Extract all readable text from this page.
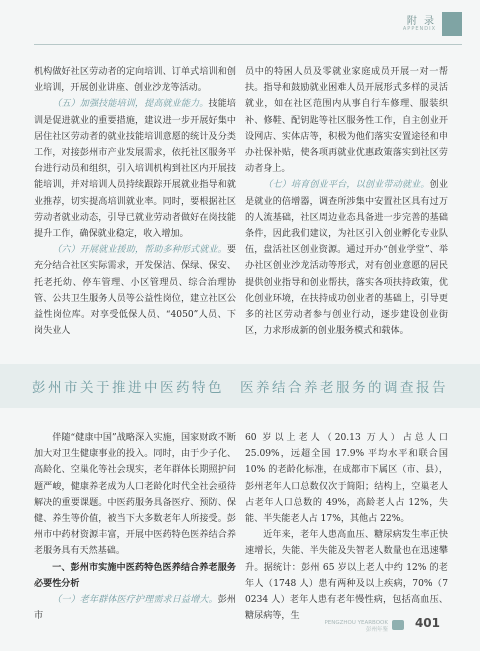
附 录
APPENDIX

机构做好社区劳动者的定向培训、订单式培训和创业培训，开展创业讲座、创业沙龙等活动。

（五）加强技能培训，提高就业能力。技能培训是促进就业的重要措施，建议进一步开展好集中居住社区劳动者的就业技能培训意愿的统计及分类工作，对接彭州市产业发展需求，依托社区服务平台进行动员和组织，引入培训机构到社区内开展技能培训，并对培训人员持续跟踪开展就业指导和就业推荐，切实提高培训就业率。同时，要根据社区劳动者就业动态，引导已就业劳动者做好在岗技能提升工作，确保就业稳定，收入增加。

（六）开展就业援助，帮助多种形式就业。要充分结合社区实际需求，开发保洁、保绿、保安、托老托幼、停车管理、小区管理员、综合治理协管、公共卫生服务人员等公益性岗位，建立社区公益性岗位库。对享受低保人员、“4050”人员、下岗失业人

员中的特困人员及零就业家庭成员开展一对一帮扶。指导和鼓励就业困难人员开展形式多样的灵活就业，如在社区范围内从事自行车修理、服装织补、修鞋、配钥匙等社区服务性工作，自主创业开设网店、实体店等，积极为他们落实安置途径和申办社保补贴，使各项再就业优惠政策落实到社区劳动者身上。

（七）培育创业平台，以创业带动就业。创业是就业的倍增器，调查所涉集中安置社区具有过万的人流基础，社区周边业态具备进一步完善的基础条件，因此我们建议，为社区引入创业孵化专业队伍，盘活社区创业资源。通过开办“创业学堂”、举办社区创业沙龙活动等形式，对有创业意愿的居民提供创业指导和创业帮扶，落实各项扶持政策，优化创业环境，在扶持成功创业者的基础上，引导更多的社区劳动者参与创业行动，逐步建设创业街区，力求形成新的创业服务模式和载体。

彭州市关于推进中医药特色　医养结合养老服务的调查报告

伴随“健康中国”战略深入实施，国家财政不断加大对卫生健康事业的投入。同时，由于少子化、高龄化、空巢化等社会现实，老年群体长期照护问题严峻，健康养老成为人口老龄化时代全社会亟待解决的重要课题。中医药服务具备医疗、预防、保健、养生等价值，被当下大多数老年人所接受。彭州市中药材资源丰富，开展中医药特色医养结合养老服务具有天然基础。

一、彭州市实施中医药特色医养结合养老服务必要性分析

（一）老年群体医疗护理需求日益增大。彭州市

60 岁以上老人（20.13 万人）占总人口 25.09%，远超全国 17.9% 平均水平和联合国 10% 的老龄化标准，在成都市下属区（市、县），彭州老年人口总数仅次于简阳；结构上，空巢老人占老年人口总数的 49%，高龄老人占 12%，失能、半失能老人占 17%，其他占 22%。

近年来，老年人患高血压、糖尿病发生率正快速增长，失能、半失能及失智老人数量也在迅速攀升。据统计：彭州 65 岁以上老人中约 12% 的老年人（1748 人）患有两种及以上疾病，70%（7 0234 人）老年人患有老年慢性病，包括高血压、糖尿病等，生

PENGZHOU YEARBOOK
彭州年鉴 401
